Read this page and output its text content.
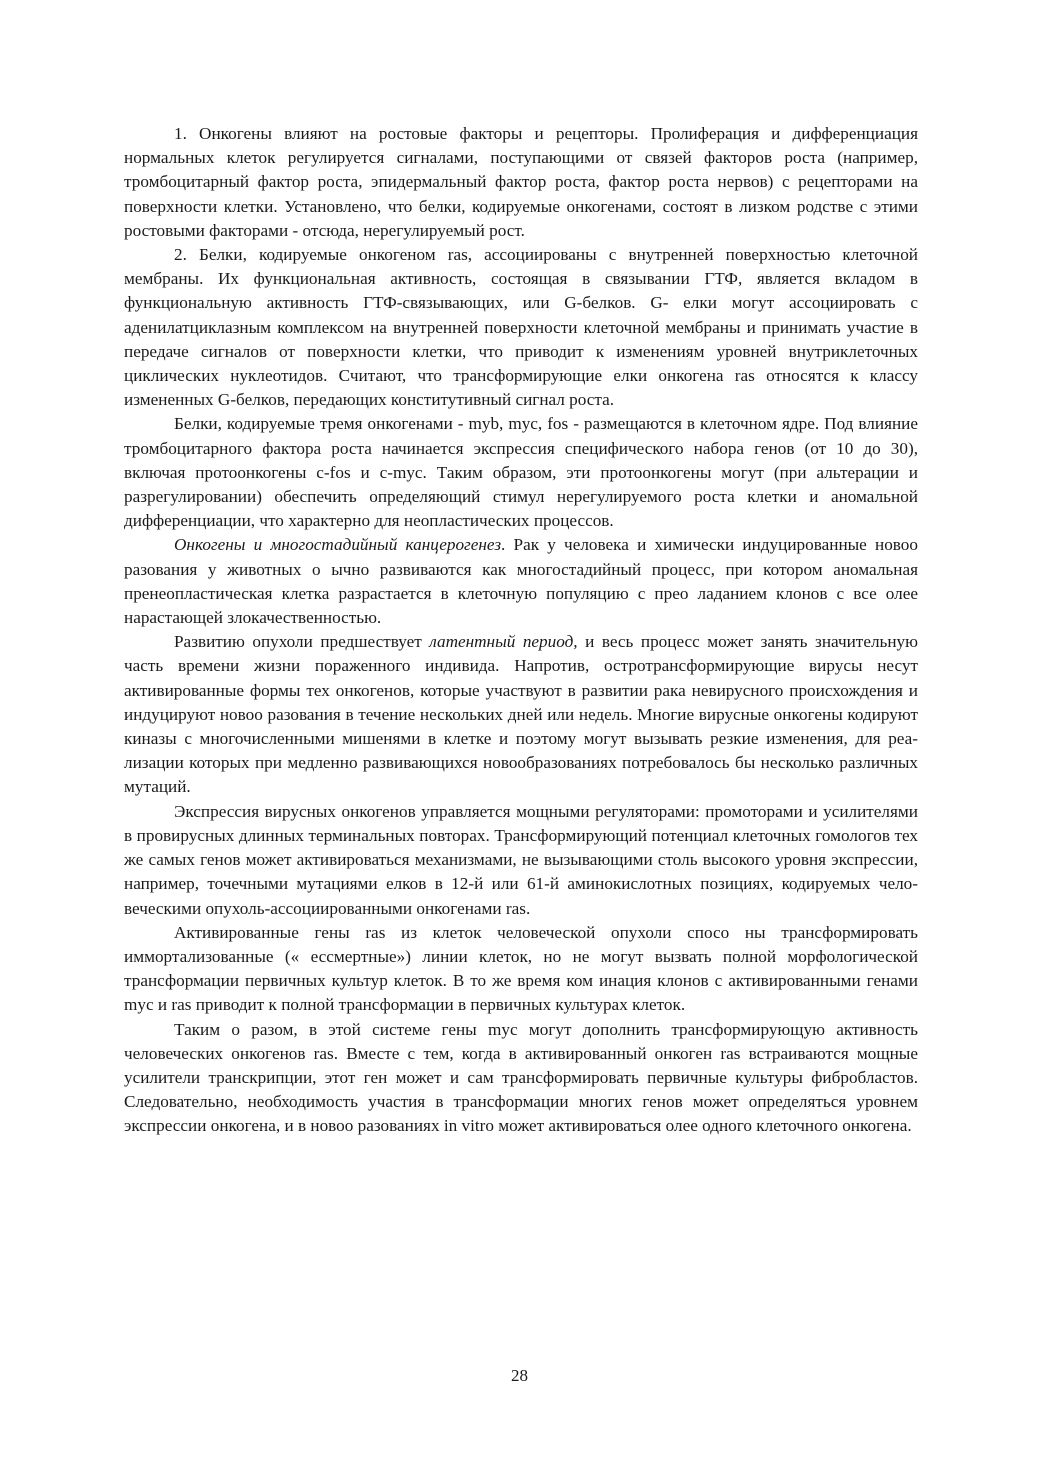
1. Онкогены влияют на ростовые факторы и рецепторы. Пролиферация и дифференциация нормальных клеток регулируется сигналами, поступающими от связей факторов роста (например, тромбоцитарный фактор роста, эпидермальный фактор роста, фактор роста нервов) с рецепторами на поверхности клетки. Установлено, что белки, кодируемые онкогенами, состоят в лизком родстве с этими ростовыми факторами - отсюда, нерегулируемый рост.

2. Белки, кодируемые онкогеном ras, ассоциированы с внутренней поверхностью клеточной мембраны. Их функциональная активность, состоящая в связывании ГТФ, является вкладом в функциональную активность ГТФ-связывающих, или G-белков. G- елки могут ассоциировать с аденилатциклазным комплексом на внутренней поверхности клеточной мембраны и принимать участие в передаче сигналов от поверхности клетки, что приводит к изменениям уровней внутриклеточных циклических нуклеотидов. Считают, что трансформирующие елки онкогена ras относятся к классу измененных G-белков, передающих конститутивный сигнал роста.

Белки, кодируемые тремя онкогенами - myb, myc, fos - размещаются в клеточном ядре. Под влияние тромбоцитарного фактора роста начинается экспрессия специфического набора генов (от 10 до 30), включая протоонкогены c-fos и c-myc. Таким образом, эти протоонкогены могут (при альтерации и разрегулировании) обеспечить определяющий стимул нерегулируемого роста клетки и аномальной дифференциации, что характерно для неопластических процессов.

Онкогены и многостадийный канцерогенез. Рак у человека и химически индуцированные новоо разования у животных о ычно развиваются как многостадийный процесс, при котором аномальная пренеопластическая клетка разрастается в клеточную популяцию с прео ладанием клонов с все олее нарастающей злокачественностью.

Развитию опухоли предшествует латентный период, и весь процесс может занять значительную часть времени жизни пораженного индивида. Напротив, остротрансформирующие вирусы несут активированные формы тех онкогенов, которые участвуют в развитии рака невирусного происхождения и индуцируют новоо разования в течение нескольких дней или недель. Многие вирусные онкогены кодируют киназы с многочисленными мишенями в клетке и поэтому могут вызывать резкие изменения, для реализации которых при медленно развивающихся новообразованиях потребовалось бы несколько различных мутаций.

Экспрессия вирусных онкогенов управляется мощными регуляторами: промоторами и усилителями в провирусных длинных терминальных повторах. Трансформирующий потенциал клеточных гомологов тех же самых генов может активироваться механизмами, не вызывающими столь высокого уровня экспрессии, например, точечными мутациями елков в 12-й или 61-й аминокислотных позициях, кодируемых человеческими опухоль-ассоциированными онкогенами ras.

Активированные гены ras из клеток человеческой опухоли спосо ны трансформировать иммортализованные (« ессмертные») линии клеток, но не могут вызвать полной морфологической трансформации первичных культур клеток. В то же время ком инация клонов с активированными генами myc и ras приводит к полной трансформации в первичных культурах клеток.

Таким о разом, в этой системе гены myc могут дополнить трансформирующую активность человеческих онкогенов ras. Вместе с тем, когда в активированный онкоген ras встраиваются мощные усилители транскрипции, этот ген может и сам трансформировать первичные культуры фибробластов. Следовательно, необходимость участия в трансформации многих генов может определяться уровнем экспрессии онкогена, и в новоо разованиях in vitro может активироваться олее одного клеточного онкогена.

28
